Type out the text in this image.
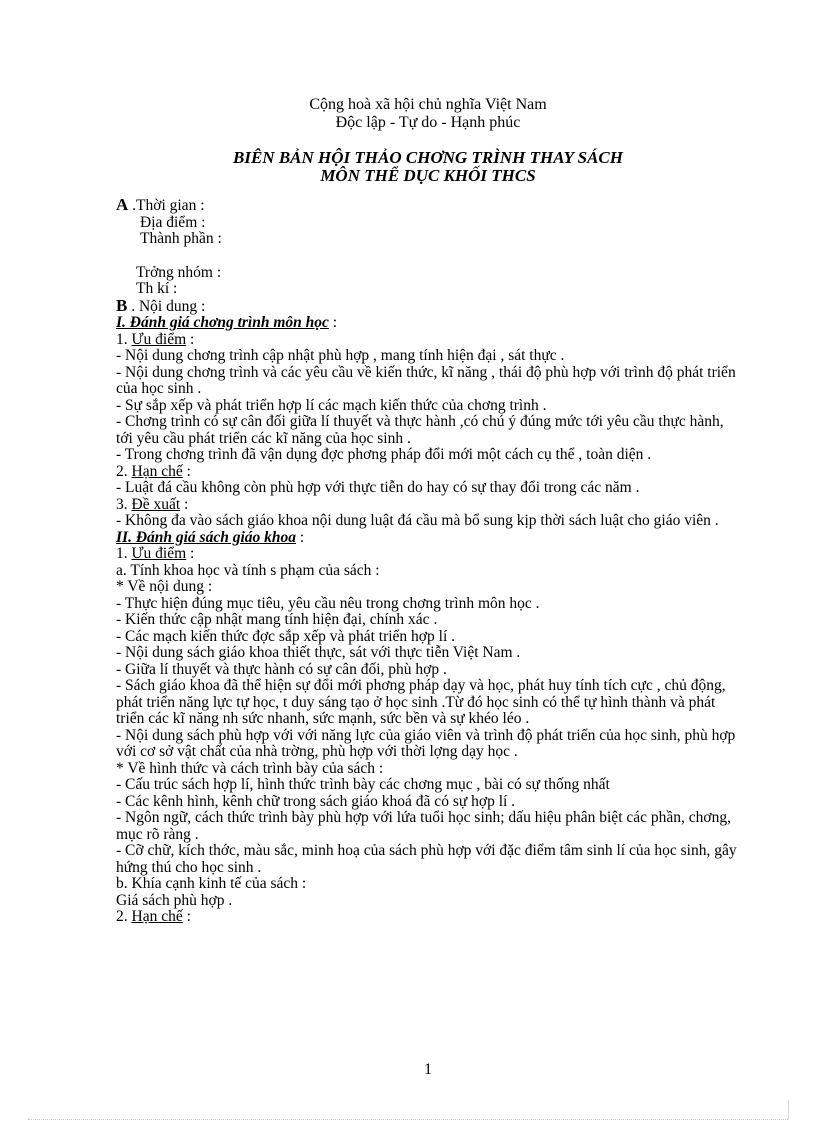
Cộng hoà xã hội chủ nghĩa Việt Nam
Độc lập - Tự do - Hạnh phúc
BIÊN BẢN HỘI THẢO CHƠNG TRÌNH THAY SÁCH
MÔN THỂ DỤC KHỐI THCS

A .Thời gian :

Địa điểm :

Thành phần :

Trởng nhóm :

Th kí :

B . Nội dung :

I. Đánh giá chơng trình môn học :

1. Ưu điểm :

- Nội dung chơng trình cập nhật phù hợp , mang tính hiện đại , sát thực .

- Nội dung chơng trình và các yêu cầu về kiến thức, kĩ năng , thái độ phù hợp với trình độ phát triển của học sinh .

- Sự sắp xếp và phát triển hợp lí các mạch kiến thức của chơng trình .

- Chơng trình có sự cân đối giữa lí thuyết và thực hành ,có chú ý đúng mức tới yêu cầu thực hành, tới yêu cầu phát triển các kĩ năng của học sinh .

- Trong chơng trình đã vận dụng đợc phơng pháp đổi mới một cách cụ thể , toàn diện .

2. Hạn chế :

- Luật đá cầu không còn phù hợp với thực tiễn do hay có sự thay đổi trong các năm .

3. Đề xuất :

- Không đa vào sách giáo khoa nội dung luật đá cầu mà bổ sung kịp thời sách luật cho giáo viên .

II. Đánh giá sách giáo khoa :

1. Ưu điểm :

a. Tính khoa học và tính s phạm của sách :

* Về nội dung :

- Thực hiện đúng mục tiêu, yêu cầu nêu trong chơng trình môn học .

- Kiến thức cập nhật mang tính hiện đại, chính xác .

- Các mạch kiến thức đợc sắp xếp và phát triển hợp lí .

- Nội dung sách giáo khoa thiết thực, sát với thực tiễn Việt Nam .

- Giữa lí thuyết và thực hành có sự cân đối, phù hợp .

- Sách giáo khoa đã thể hiện sự đổi mới phơng pháp dạy và học, phát huy tính tích cực , chủ động, phát triển năng lực tự học, t duy sáng tạo ở học sinh .Từ đó học sinh có thể tự hình thành và phát triển các kĩ năng nh sức nhanh, sức mạnh, sức bền và sự khéo léo .

- Nội dung sách phù hợp với với năng lực của giáo viên và trình độ phát triển của học sinh, phù hợp với cơ sở vật chất của nhà trờng, phù hợp với thời lợng dạy học .

* Về hình thức và cách trình bày của sách :

- Cấu trúc sách hợp lí, hình thức trình bày các chơng mục , bài có sự thống nhất

- Các kênh hình, kênh chữ trong sách giáo khoá đã có sự hợp lí .

- Ngôn ngữ, cách thức trình bày phù hợp với lứa tuổi học sinh; dấu hiệu phân biệt các phần, chơng, mục rõ ràng .

- Cỡ chữ, kích thớc, màu sắc, minh hoạ của sách phù hợp với đặc điểm tâm sinh lí của học sinh, gây hứng thú cho học sinh .

b. Khía cạnh kinh tế của sách :

Giá sách phù hợp .

2. Hạn chế :

1
